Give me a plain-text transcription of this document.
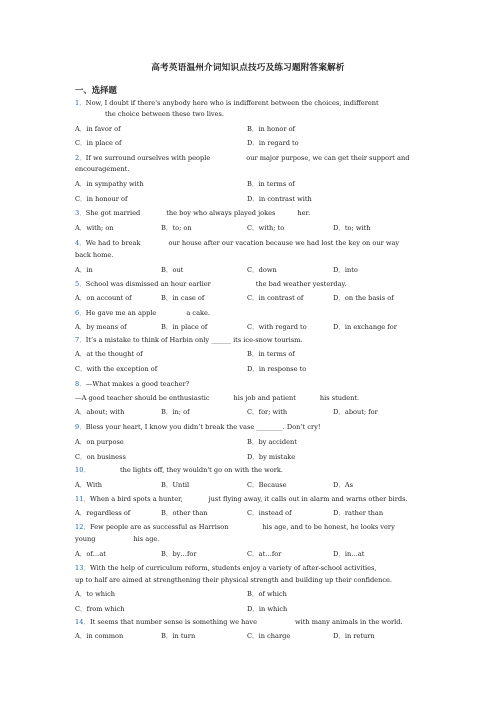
高考英语温州介词知识点技巧及练习题附答案解析
一、选择题
1．Now, I doubt if there's anybody here who is indifferent between the choices, indifferent
the choice between these two lives.
A．in favor of	B．in honor of
C．in place of	D．in regard to
2．If we surround ourselves with people	our major purpose, we can get their support and
encouragement.
A．in sympathy with	B．in terms of
C．in honour of	D．in contrast with
3．She got married	the boy who always played jokes	her.
A．with; on	B．to; on	C．with; to	D．to; with
4．We had to break	our house after our vacation because we had lost the key on our way
back home.
A．in	B．out	C．down	D．into
5．School was dismissed an hour earlier	the bad weather yesterday.
A．on account of	B．in case of	C．in contrast of	D．on the basis of
6．He gave me an apple	a cake.
A．by means of	B．in place of	C．with regard to	D．in exchange for
7．It’s a mistake to think of Harbin only ______ its ice-snow tourism.
A．at the thought of	B．in terms of
C．with the exception of	D．in response to
8．—What makes a good teacher?
—A good teacher should be enthusiastic	his job and patient	his student.
A．about; with	B．in; of	C．for; with	D．about; for
9．Bless your heart, I know you didn’t break the vase ________. Don’t cry!
A．on purpose	B．by accident
C．on business	D．by mistake
10．	the lights off, they wouldn't go on with the work.
A．With	B．Until	C．Because	D．As
11．When a bird spots a hunter,	just flying away, it calls out in alarm and warns other birds.
A．regardless of	B．other than	C．instead of	D．rather than
12．Few people are as successful as Harrison	his age, and to be honest, he looks very
young	his age.
A．of…at	B．by…for	C．at…for	D．in…at
13．With the help of curriculum reform, students enjoy a variety of after-school activities,
up to half are aimed at strengthening their physical strength and building up their confidence.
A．to which	B．of which
C．from which	D．in which
14．It seems that number sense is something we have	with many animals in the world.
A．in common	B．in turn	C．in charge	D．in return
